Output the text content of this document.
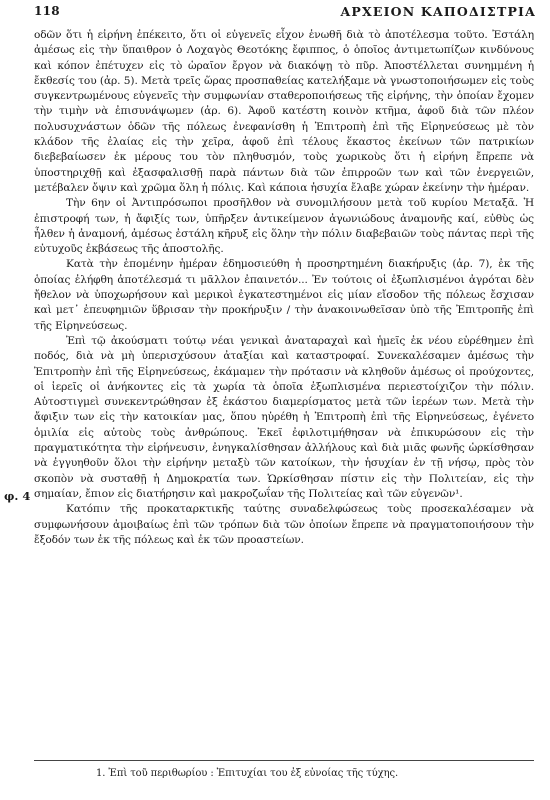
118	ΑΡΧΕΙΟΝ ΚΑΠΟΔΙΣΤΡΙΑ
φ. 4

οδῶν ὅτι ἡ εἰρήνη ἐπέκειτο, ὅτι οἱ εὐγενεῖς εἶχον ἑνωθῆ διὰ τὸ ἀποτέλεσμα τοῦτο. Ἐστάλη ἀμέσως εἰς τὴν ὕπαιθρον ὁ Λοχαγὸς Θεοτόκης ἔφιππος, ὁ ὁποῖος ἀντιμετωπίζων κινδύνους καὶ κόπον ἐπέτυχεν εἰς τὸ ὡραῖον ἔργον νὰ διακόψῃ τὸ πῦρ. Ἀποστέλλεται συνημμένη ἡ ἔκθεσίς του (ἀρ. 5). Μετὰ τρεῖς ὥρας προσπαθείας κατελήξαμε νὰ γνωστοποιήσωμεν εἰς τοὺς συγκεντρωμένους εὐγενεῖς τὴν συμφωνίαν σταθεροποιήσεως τῆς εἰρήνης, τὴν ὁποίαν ἔχομεν τὴν τιμὴν νὰ ἐπισυνάψωμεν (ἀρ. 6). Ἀφοῦ κατέστη κοινὸν κτῆμα, ἀφοῦ διὰ τῶν πλέον πολυσυχνάστων ὁδῶν τῆς πόλεως ἐνεφανίσθη ἡ Ἐπιτροπὴ ἐπὶ τῆς Εἰρηνεύσεως μὲ τὸν κλάδον τῆς ἐλαίας εἰς τὴν χεῖρα, ἀφοῦ ἐπὶ τέλους ἕκαστος ἐκείνων τῶν πατρικίων διεβεβαίωσεν ἐκ μέρους του τὸν πληθυσμόν, τοὺς χωρικοὺς ὅτι ἡ εἰρήνη ἔπρεπε νὰ ὑποστηριχθῇ καὶ ἐξασφαλισθῇ παρὰ πάντων διὰ τῶν ἐπιρροῶν των καὶ τῶν ἐνεργειῶν, μετέβαλεν ὄψιν καὶ χρῶμα ὅλη ἡ πόλις. Καὶ κάποια ἡσυχία ἔλαβε χώραν ἐκείνην τὴν ἡμέραν.

Τὴν 6ην οἱ Ἀντιπρόσωποι προσῆλθον νὰ συνομιλήσουν μετὰ τοῦ κυρίου Μεταξᾶ. Ἡ ἐπιστροφή των, ἡ ἄφιξίς των, ὑπῆρξεν ἀντικείμενον ἀγωνιώδους ἀναμονῆς καί, εὐθὺς ὡς ἦλθεν ἡ ἀναμονή, ἀμέσως ἐστάλη κῆρυξ εἰς ὅλην τὴν πόλιν διαβεβαιῶν τοὺς πάντας περὶ τῆς εὐτυχοῦς ἐκβάσεως τῆς ἀποστολῆς.

Κατὰ τὴν ἐπομένην ἡμέραν ἐδημοσιεύθη ἡ προσηρτημένη διακήρυξις (ἀρ. 7), ἐκ τῆς ὁποίας ἐλήφθη ἀποτέλεσμά τι μᾶλλον ἐπαινετόν... Ἐν τούτοις οἱ ἐξωπλισμένοι ἀγρόται δὲν ἤθελον νὰ ὑποχωρήσουν καὶ μερικοὶ ἐγκατεστημένοι εἰς μίαν εἴσοδον τῆς πόλεως ἔσχισαν καὶ μετ᾽ ἐπευφημιῶν ὕβρισαν τὴν προκήρυξιν / τὴν ἀνακοινωθεῖσαν ὑπὸ τῆς Ἐπιτροπῆς ἐπὶ τῆς Εἰρηνεύσεως.

Ἐπὶ τῷ ἀκούσματι τούτῳ νέαι γενικαὶ ἀναταραχαὶ καὶ ἡμεῖς ἐκ νέου εὑρέθημεν ἐπὶ ποδός, διὰ νὰ μὴ ὑπερισχύσουν ἀταξίαι καὶ καταστροφαί. Συνεκαλέσαμεν ἀμέσως τὴν Ἐπιτροπὴν ἐπὶ τῆς Εἰρηνεύσεως, ἐκάμαμεν τὴν πρότασιν νὰ κληθοῦν ἀμέσως οἱ προύχοντες, οἱ ἱερεῖς οἱ ἀνήκοντες εἰς τὰ χωρία τὰ ὁποῖα ἐξωπλισμένα περιεστοίχιζον τὴν πόλιν. Αὐτοστιγμεὶ συνεκεντρώθησαν ἐξ ἑκάστου διαμερίσματος μετὰ τῶν ἱερέων των. Μετὰ τὴν ἄφιξιν των εἰς τὴν κατοικίαν μας, ὅπου ηὑρέθη ἡ Ἐπιτροπὴ ἐπὶ τῆς Εἰρηνεύσεως, ἐγένετο ὁμιλία εἰς αὐτοὺς τοὺς ἀνθρώπους. Ἐκεῖ ἐφιλοτιμήθησαν νὰ ἐπικυρώσουν εἰς τὴν πραγματικότητα τὴν εἰρήνευσιν, ἐνηγκαλίσθησαν ἀλλήλους καὶ διὰ μιᾶς φωνῆς ὡρκίσθησαν νὰ ἐγγυηθοῦν ὅλοι τὴν εἰρήνην μεταξὺ τῶν κατοίκων, τὴν ἡσυχίαν ἐν τῇ νήσῳ, πρὸς τὸν σκοπὸν νὰ συσταθῇ ἡ Δημοκρατία των. Ὡρκίσθησαν πίστιν εἰς τὴν Πολιτείαν, εἰς τὴν σημαίαν, ἔπιον εἰς διατήρησιν καὶ μακροζωΐαν τῆς Πολιτείας καὶ τῶν εὐγενῶν¹.

Κατόπιν τῆς προκαταρκτικῆς ταύτης συναδελφώσεως τοὺς προσεκαλέσαμεν νὰ συμφωνήσουν ἀμοιβαίως ἐπὶ τῶν τρόπων διὰ τῶν ὁποίων ἔπρεπε νὰ πραγματοποιήσουν τὴν ἔξοδόν των ἐκ τῆς πόλεως καὶ ἐκ τῶν προαστείων.

1. Ἐπὶ τοῦ περιθωρίου : Ἐπιτυχίαι του ἐξ εὐνοίας τῆς τύχης.
